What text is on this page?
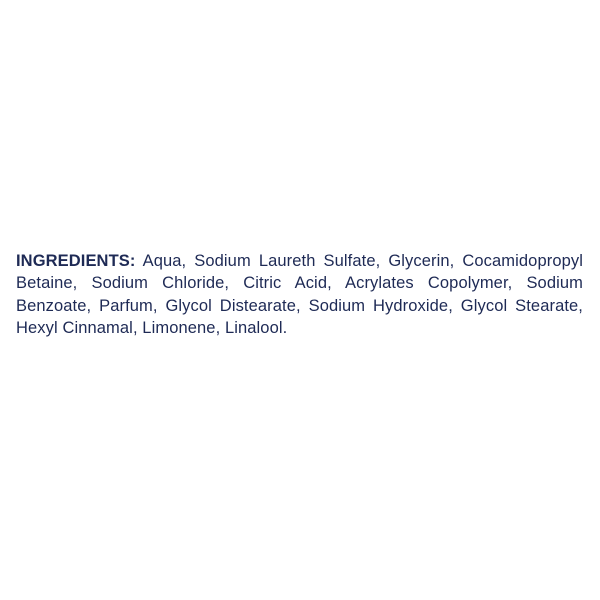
INGREDIENTS: Aqua, Sodium Laureth Sulfate, Glycerin, Cocamidopropyl Betaine, Sodium Chloride, Citric Acid, Acrylates Copolymer, Sodium Benzoate, Parfum, Glycol Distearate, Sodium Hydroxide, Glycol Stearate, Hexyl Cinnamal, Limonene, Linalool.
